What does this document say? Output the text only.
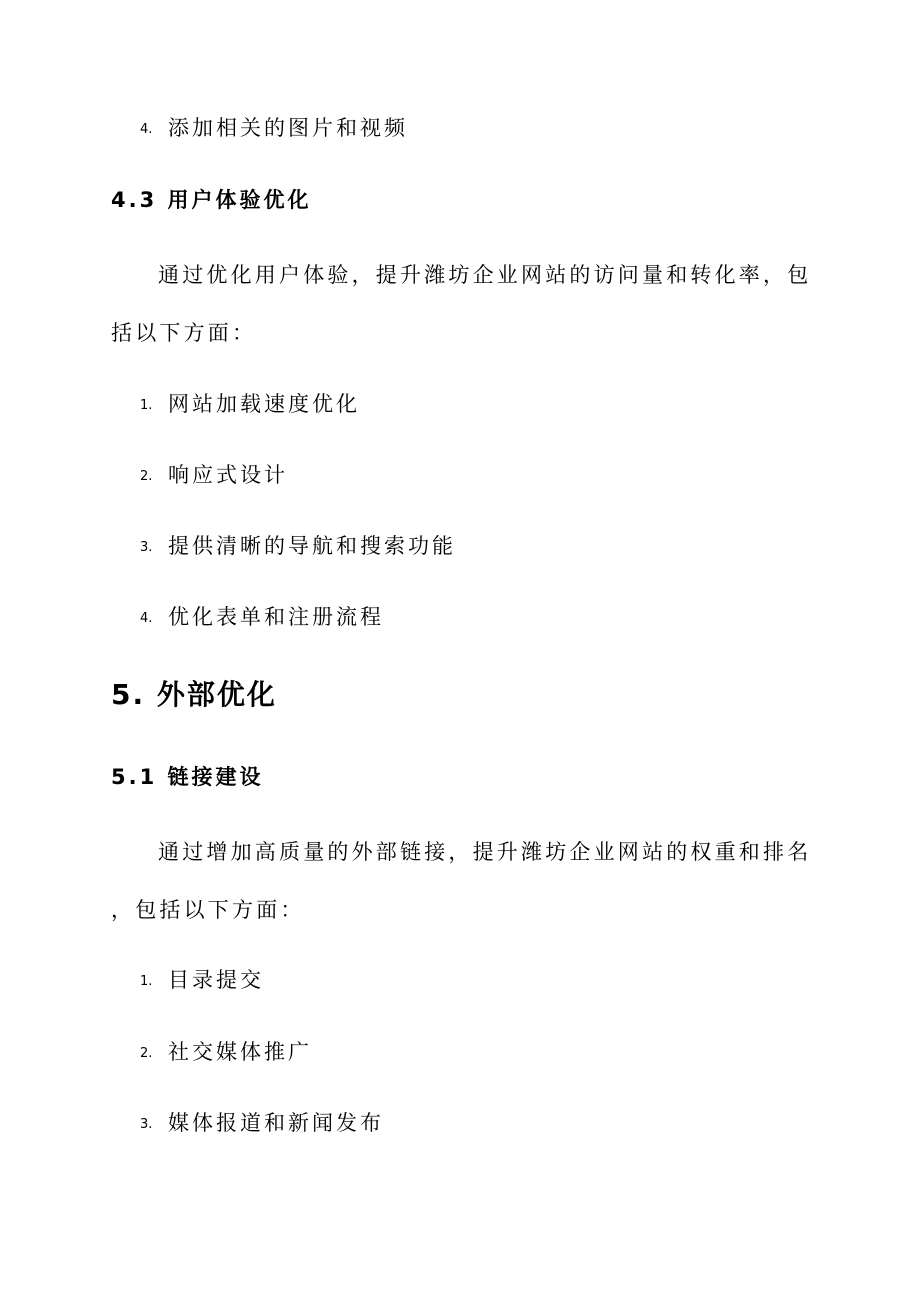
4. 添加相关的图片和视频
4.3 用户体验优化
通过优化用户体验，提升潍坊企业网站的访问量和转化率，包
括以下方面：
1. 网站加载速度优化
2. 响应式设计
3. 提供清晰的导航和搜索功能
4. 优化表单和注册流程
5. 外部优化
5.1 链接建设
通过增加高质量的外部链接，提升潍坊企业网站的权重和排名
，包括以下方面：
1. 目录提交
2. 社交媒体推广
3. 媒体报道和新闻发布
